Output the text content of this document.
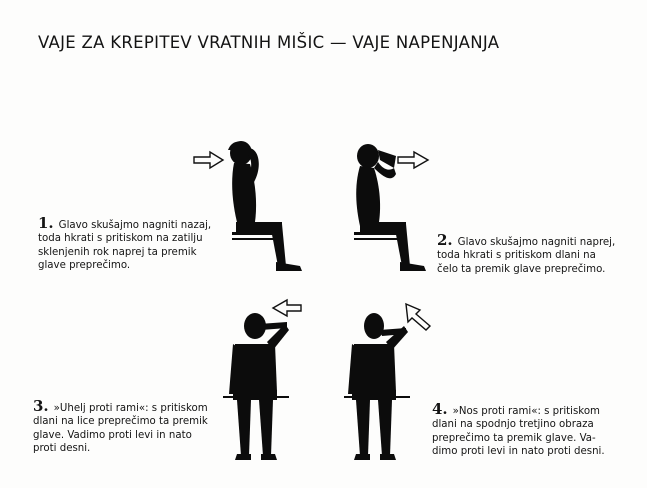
VAJE ZA KREPITEV VRATNIH MIŠIC — VAJE NAPENJANJA
1. Glavo skušajmo nagniti nazaj,
toda hkrati s pritiskom na zatilju
sklenjenih rok naprej ta premik
glave preprečimo.
2. Glavo skušajmo nagniti naprej,
toda hkrati s pritiskom dlani na
čelo ta premik glave preprečimo.
3. »Uhelj proti rami«: s pritiskom
dlani na lice preprečimo ta premik
glave. Vadimo proti levi in nato
proti desni.
4. »Nos proti rami«: s pritiskom
dlani na spodnjo tretjino obraza
preprečimo ta premik glave. Va-
dimo proti levi in nato proti desni.
